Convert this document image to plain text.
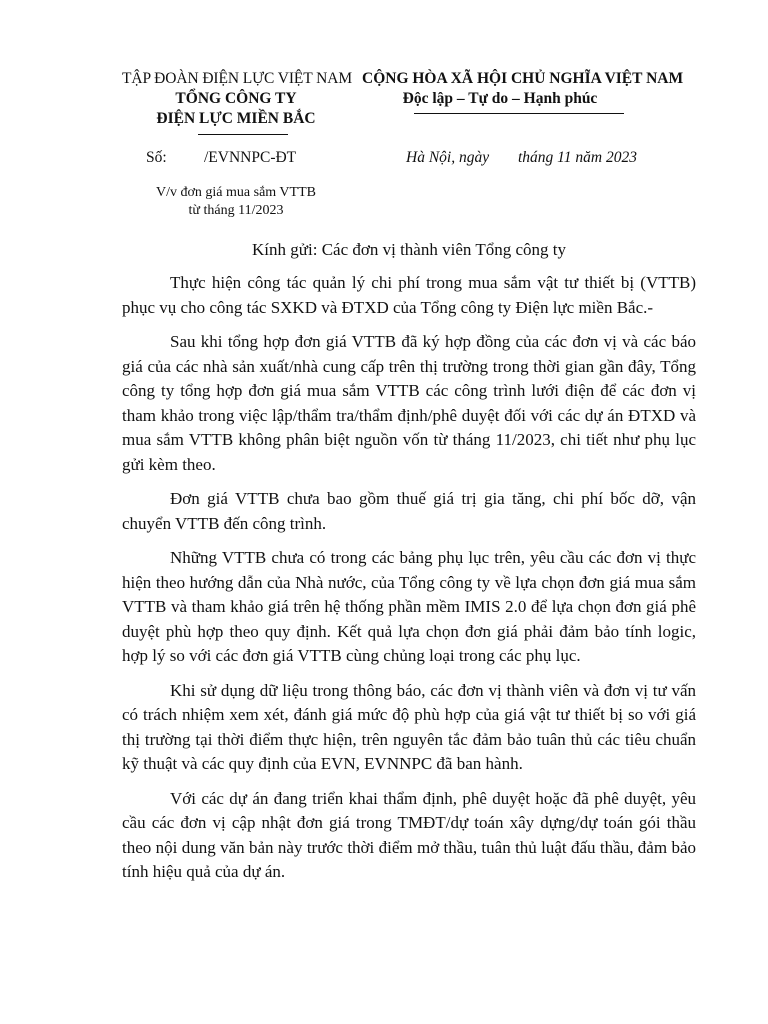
TẬP ĐOÀN ĐIỆN LỰC VIỆT NAM
TỔNG CÔNG TY
ĐIỆN LỰC MIỀN BẮC
CỘNG HÒA XÃ HỘI CHỦ NGHĨA VIỆT NAM
Độc lập – Tự do – Hạnh phúc
Số: /EVNNPC-ĐT	Hà Nội, ngày tháng 11 năm 2023
V/v đơn giá mua sắm VTTB
từ tháng 11/2023
Kính gửi: Các đơn vị thành viên Tổng công ty

Thực hiện công tác quản lý chi phí trong mua sắm vật tư thiết bị (VTTB) phục vụ cho công tác SXKD và ĐTXD của Tổng công ty Điện lực miền Bắc.-

Sau khi tổng hợp đơn giá VTTB đã ký hợp đồng của các đơn vị và các báo giá của các nhà sản xuất/nhà cung cấp trên thị trường trong thời gian gần đây, Tổng công ty tổng hợp đơn giá mua sắm VTTB các công trình lưới điện để các đơn vị tham khảo trong việc lập/thẩm tra/thẩm định/phê duyệt đối với các dự án ĐTXD và mua sắm VTTB không phân biệt nguồn vốn từ tháng 11/2023, chi tiết như phụ lục gửi kèm theo.

Đơn giá VTTB chưa bao gồm thuế giá trị gia tăng, chi phí bốc dỡ, vận chuyển VTTB đến công trình.

Những VTTB chưa có trong các bảng phụ lục trên, yêu cầu các đơn vị thực hiện theo hướng dẫn của Nhà nước, của Tổng công ty về lựa chọn đơn giá mua sắm VTTB và tham khảo giá trên hệ thống phần mềm IMIS 2.0 để lựa chọn đơn giá phê duyệt phù hợp theo quy định. Kết quả lựa chọn đơn giá phải đảm bảo tính logic, hợp lý so với các đơn giá VTTB cùng chủng loại trong các phụ lục.

Khi sử dụng dữ liệu trong thông báo, các đơn vị thành viên và đơn vị tư vấn có trách nhiệm xem xét, đánh giá mức độ phù hợp của giá vật tư thiết bị so với giá thị trường tại thời điểm thực hiện, trên nguyên tắc đảm bảo tuân thủ các tiêu chuẩn kỹ thuật và các quy định của EVN, EVNNPC đã ban hành.

Với các dự án đang triển khai thẩm định, phê duyệt hoặc đã phê duyệt, yêu cầu các đơn vị cập nhật đơn giá trong TMĐT/dự toán xây dựng/dự toán gói thầu theo nội dung văn bản này trước thời điểm mở thầu, tuân thủ luật đấu thầu, đảm bảo tính hiệu quả của dự án.
